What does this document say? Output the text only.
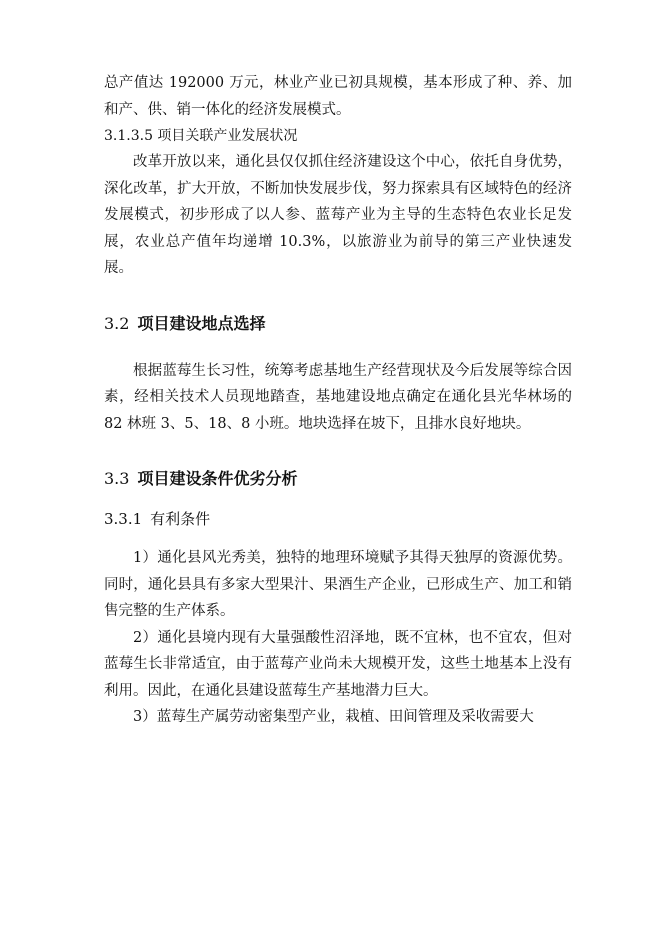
总产值达 192000 万元，林业产业已初具规模，基本形成了种、养、加和产、供、销一体化的经济发展模式。

3.1.3.5 项目关联产业发展状况

改革开放以来，通化县仅仅抓住经济建设这个中心，依托自身优势，深化改革，扩大开放，不断加快发展步伐，努力探索具有区域特色的经济发展模式，初步形成了以人参、蓝莓产业为主导的生态特色农业长足发展，农业总产值年均递增 10.3%，以旅游业为前导的第三产业快速发展。

3.2 项目建设地点选择

根据蓝莓生长习性，统筹考虑基地生产经营现状及今后发展等综合因素，经相关技术人员现地踏查，基地建设地点确定在通化县光华林场的 82 林班 3、5、18、8 小班。地块选择在坡下，且排水良好地块。

3.3 项目建设条件优劣分析
3.3.1 有利条件

1）通化县风光秀美，独特的地理环境赋予其得天独厚的资源优势。同时，通化县具有多家大型果汁、果酒生产企业，已形成生产、加工和销售完整的生产体系。

2）通化县境内现有大量强酸性沼泽地，既不宜林，也不宜农，但对蓝莓生长非常适宜，由于蓝莓产业尚未大规模开发，这些土地基本上没有利用。因此，在通化县建设蓝莓生产基地潜力巨大。

3）蓝莓生产属劳动密集型产业，栽植、田间管理及采收需要大
